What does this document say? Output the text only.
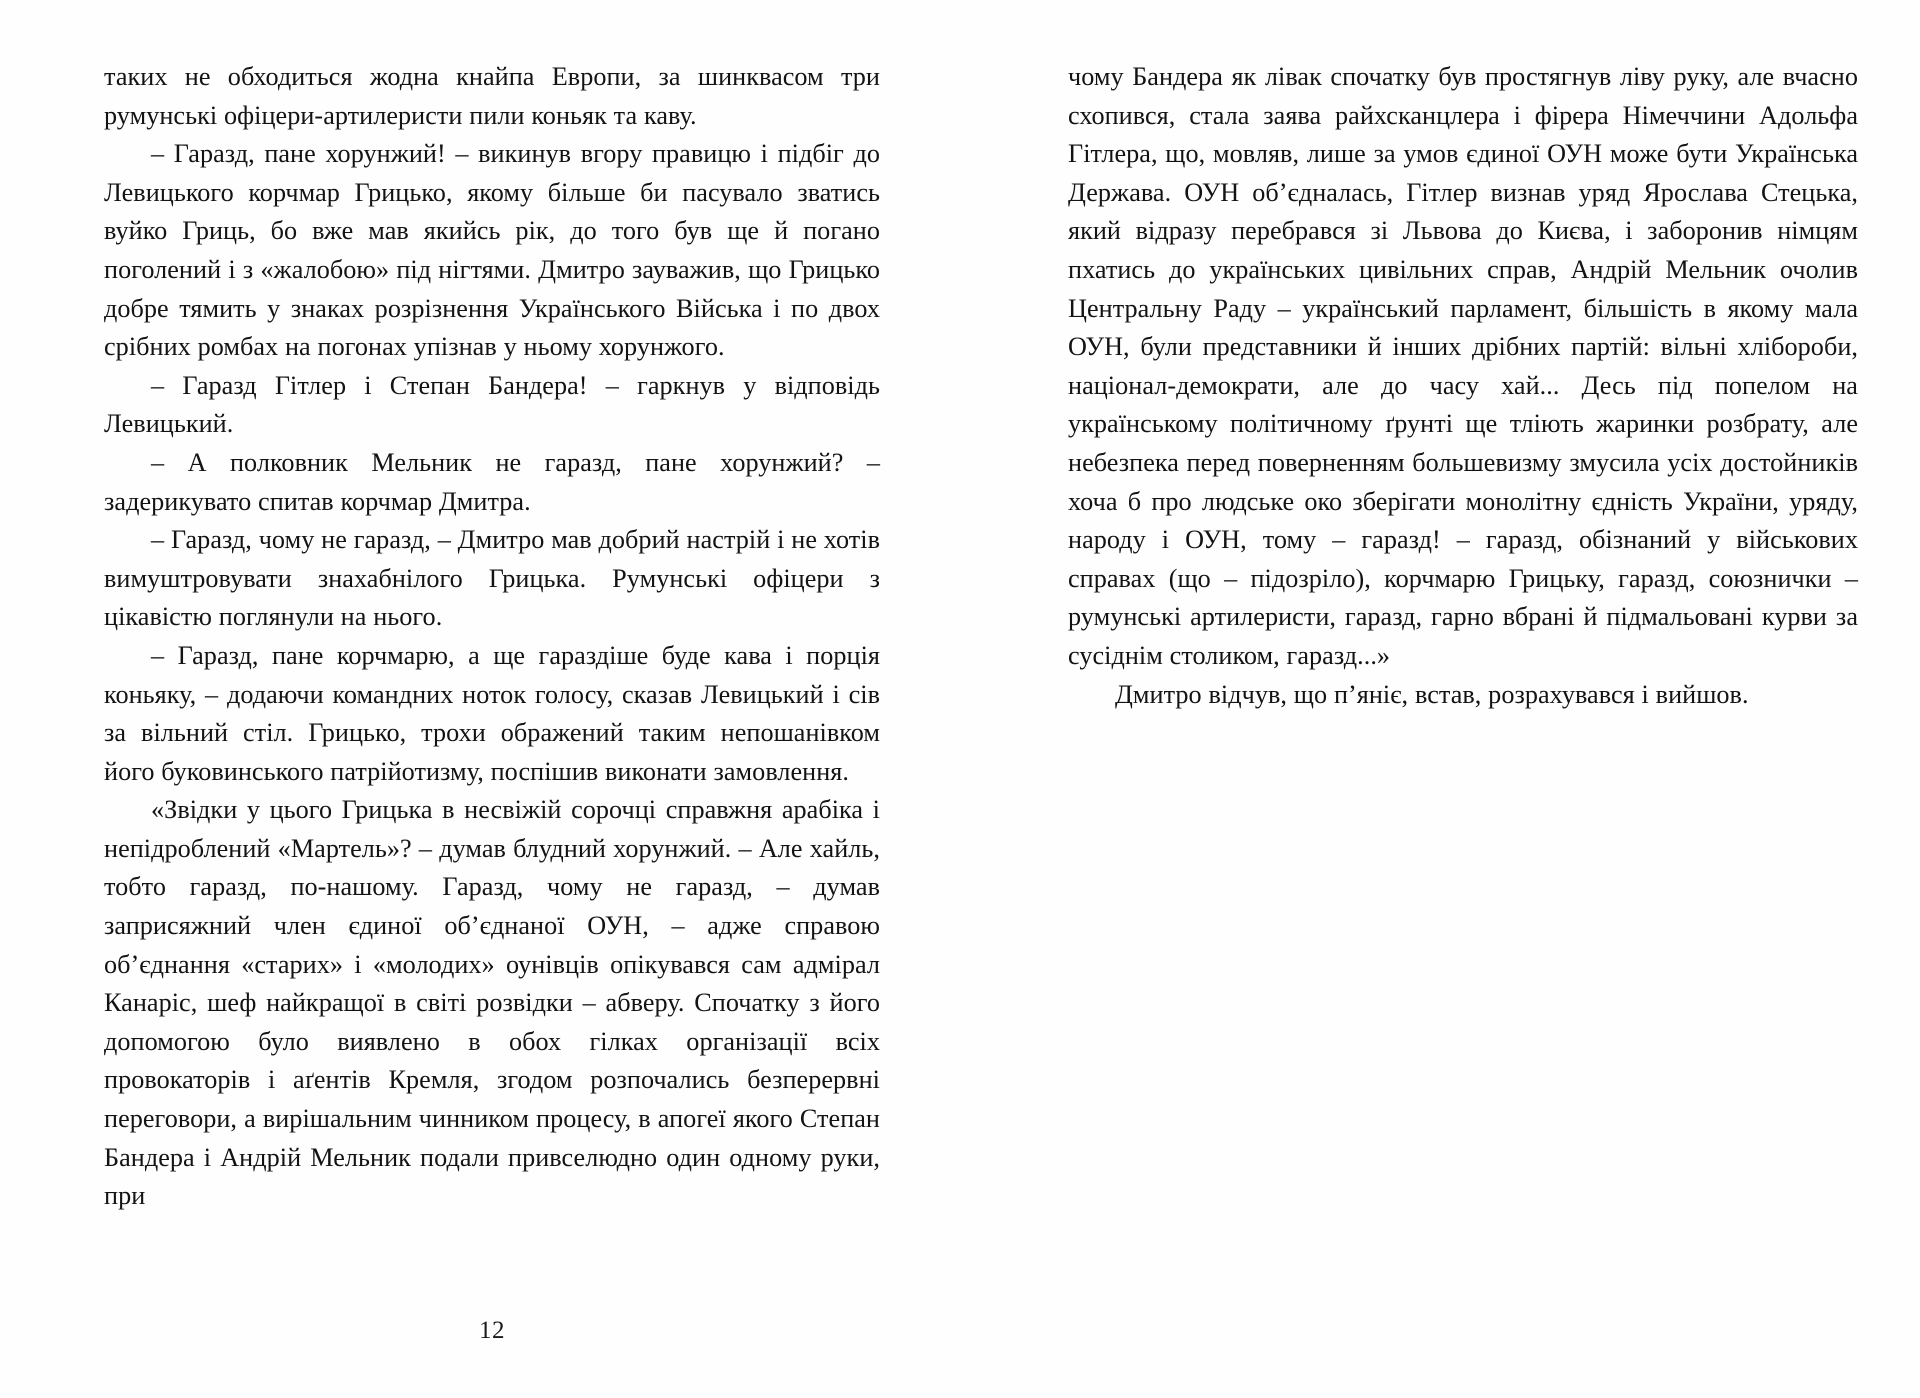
таких не обходиться жодна кнайпа Европи, за шинквасом три румунські офіцери-артилеристи пили коньяк та каву.

– Гаразд, пане хорунжий! – викинув вгору правицю і підбіг до Левицького корчмар Грицько, якому більше би пасувало зватись вуйко Гриць, бо вже мав якийсь рік, до того був ще й погано поголений і з «жалобою» під нігтями. Дмитро зауважив, що Грицько добре тямить у знаках розрізнення Українського Війська і по двох срібних ромбах на погонах упізнав у ньому хорунжого.

– Гаразд Гітлер і Степан Бандера! – гаркнув у відповідь Левицький.

– А полковник Мельник не гаразд, пане хорунжий? – задерикувато спитав корчмар Дмитра.

– Гаразд, чому не гаразд, – Дмитро мав добрий настрій і не хотів вимуштровувати знахабнілого Грицька. Румунські офіцери з цікавістю поглянули на нього.

– Гаразд, пане корчмарю, а ще гараздіше буде кава і порція коньяку, – додаючи командних ноток голосу, сказав Левицький і сів за вільний стіл. Грицько, трохи ображений таким непошанівком його буковинського патрійотизму, поспішив виконати замовлення.

«Звідки у цього Грицька в несвіжій сорочці справжня арабіка і непідроблений «Мартель»? – думав блудний хорунжий. – Але хайль, тобто гаразд, по-нашому. Гаразд, чому не гаразд, – думав заприсяжний член єдиної об’єднаної ОУН, – адже справою об’єднання «старих» і «молодих» оунівців опікувався сам адмірал Канаріс, шеф найкращої в світі розвідки – абверу. Спочатку з його допомогою було виявлено в обох гілках організації всіх провокаторів і аґентів Кремля, згодом розпочались безперервні переговори, а вирішальним чинником процесу, в апогеї якого Степан Бандера і Андрій Мельник подали привселюдно один одному руки, при

12

чому Бандера як лівак спочатку був простягнув ліву руку, але вчасно схопився, стала заява райхсканцлера і фірера Німеччини Адольфа Гітлера, що, мовляв, лише за умов єдиної ОУН може бути Українська Держава. ОУН об’єдналась, Гітлер визнав уряд Ярослава Стецька, який відразу перебрався зі Львова до Києва, і заборонив німцям пхатись до українських цивільних справ, Андрій Мельник очолив Центральну Раду – український парламент, більшість в якому мала ОУН, були представники й інших дрібних партій: вільні хлібороби, націонал-демократи, але до часу хай... Десь під попелом на українському політичному ґрунті ще тліють жаринки розбрату, але небезпека перед поверненням большевизму змусила усіх достойників хоча б про людське око зберігати монолітну єдність України, уряду, народу і ОУН, тому – гаразд! – гаразд, обізнаний у військових справах (що – підозріло), корчмарю Грицьку, гаразд, союзнички – румунські артилеристи, гаразд, гарно вбрані й підмальовані курви за сусіднім столиком, гаразд...»

Дмитро відчув, що п’яніє, встав, розрахувався і вийшов.
